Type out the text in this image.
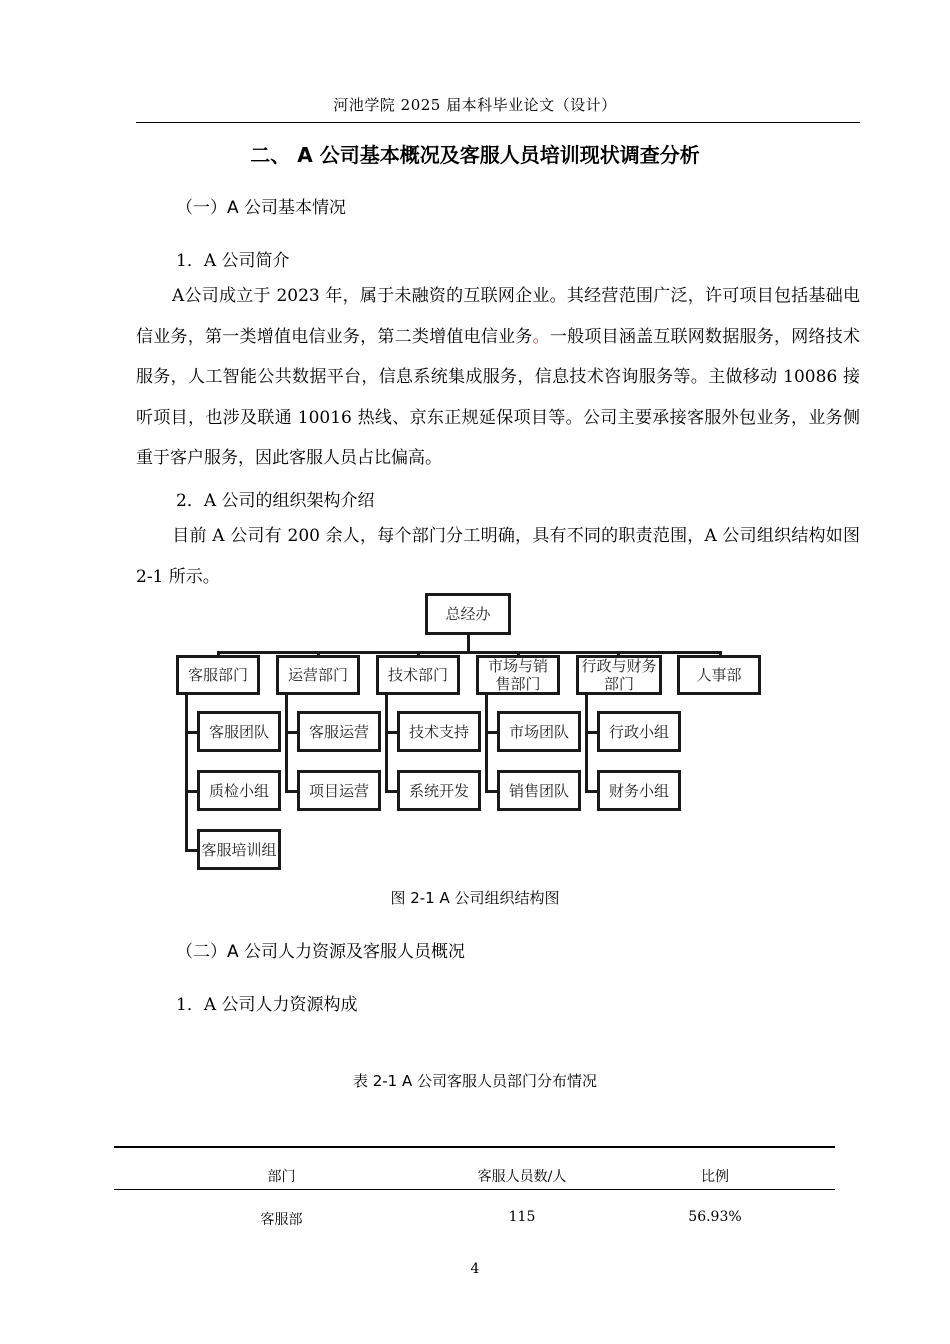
河池学院 2025 届本科毕业论文（设计）
二、 A 公司基本概况及客服人员培训现状调查分析
（一）A 公司基本情况
1．A 公司简介

A公司成立于 2023 年，属于未融资的互联网企业。其经营范围广泛，许可项目包括基础电信业务，第一类增值电信业务，第二类增值电信业务。一般项目涵盖互联网数据服务，网络技术服务，人工智能公共数据平台，信息系统集成服务，信息技术咨询服务等。主做移动 10086 接听项目，也涉及联通 10016 热线、京东正规延保项目等。公司主要承接客服外包业务，业务侧重于客户服务，因此客服人员占比偏高。

2．A 公司的组织架构介绍

目前 A 公司有 200 余人，每个部门分工明确，具有不同的职责范围，A 公司组织结构如图 2-1 所示。

总经办
客服部门	运营部门	技术部门	市场与销售部门
行政与财务部门	人事部
客服团队
质检小组
客服培训组
客服运营
项目运营
技术支持
系统开发
市场团队
销售团队
行政小组
财务小组
图 2-1 A 公司组织结构图
（二）A 公司人力资源及客服人员概况
1．A 公司人力资源构成
表 2-1 A 公司客服人员部门分布情况
部门	客服人员数/人	比例
客服部	115	56.93%
4
